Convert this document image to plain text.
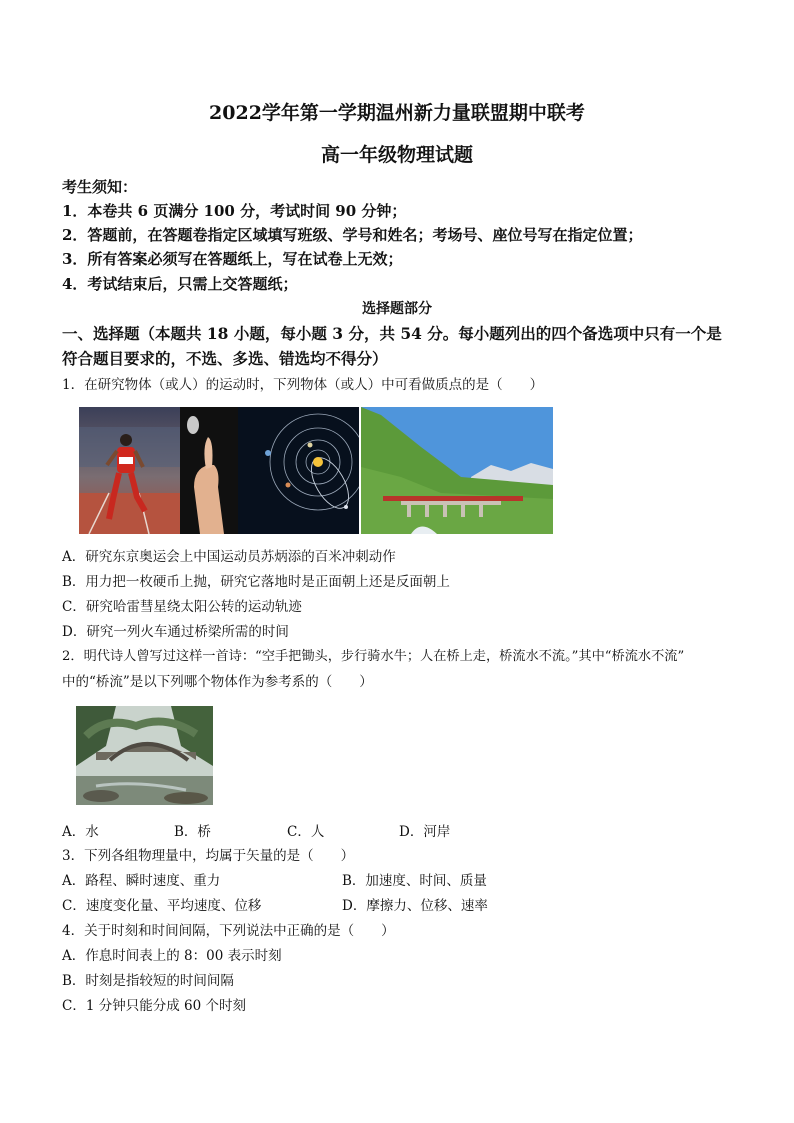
2022学年第一学期温州新力量联盟期中联考
高一年级物理试题
考生须知：
1．本卷共 6 页满分 100 分，考试时间 90 分钟；
2．答题前，在答题卷指定区域填写班级、学号和姓名；考场号、座位号写在指定位置；
3．所有答案必须写在答题纸上，写在试卷上无效；
4．考试结束后，只需上交答题纸；
选择题部分
一、选择题（本题共 18 小题，每小题 3 分，共 54 分。每小题列出的四个备选项中只有一个是
符合题目要求的，不选、多选、错选均不得分）
1．在研究物体（或人）的运动时，下列物体（或人）中可看做质点的是（　　）
A．研究东京奥运会上中国运动员苏炳添的百米冲刺动作
B．用力把一枚硬币上抛，研究它落地时是正面朝上还是反面朝上
C．研究哈雷彗星绕太阳公转的运动轨迹
D．研究一列火车通过桥梁所需的时间
2．明代诗人曾写过这样一首诗：“空手把锄头，步行骑水牛；人在桥上走，桥流水不流。”其中“桥流水不流”
中的“桥流”是以下列哪个物体作为参考系的（　　）
A．水	B．桥	C．人	D．河岸
3．下列各组物理量中，均属于矢量的是（　　）
A．路程、瞬时速度、重力	B．加速度、时间、质量
C．速度变化量、平均速度、位移	D．摩擦力、位移、速率
4．关于时刻和时间间隔，下列说法中正确的是（　　）
A．作息时间表上的 8：00 表示时刻
B．时刻是指较短的时间间隔
C．1 分钟只能分成 60 个时刻
